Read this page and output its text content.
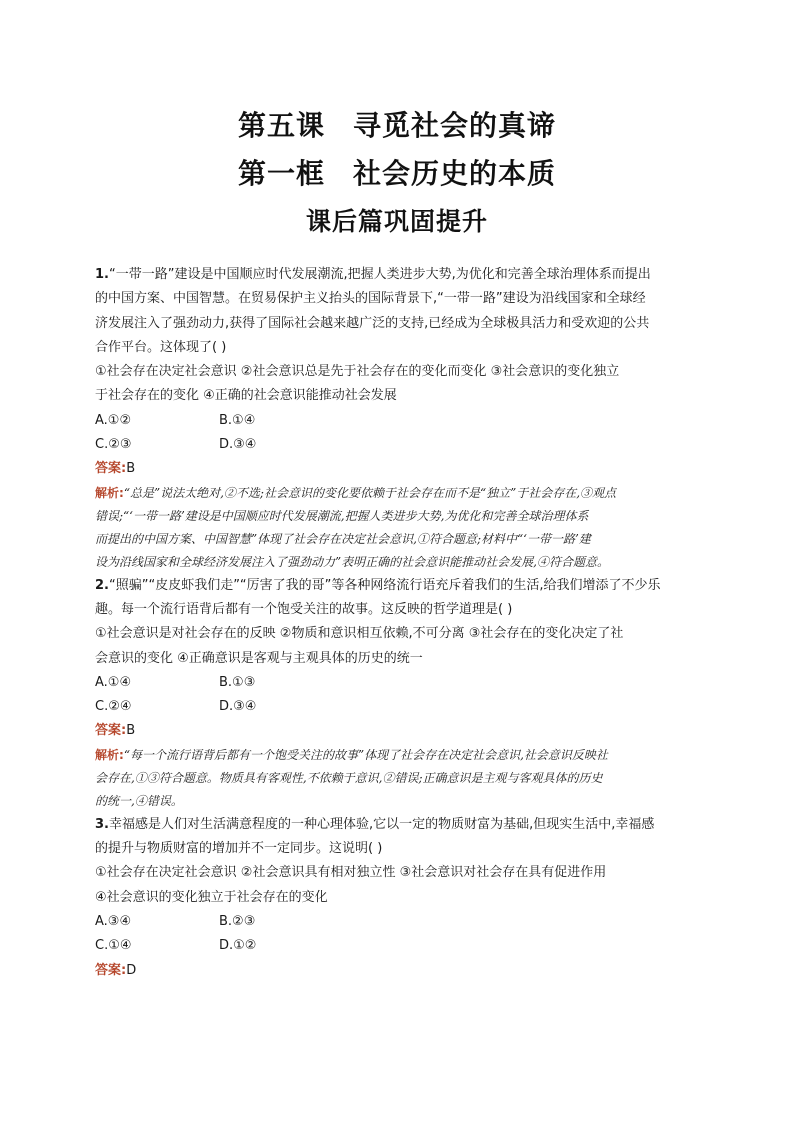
第五课 寻觅社会的真谛
第一框 社会历史的本质
课后篇巩固提升
1.“一带一路”建设是中国顺应时代发展潮流,把握人类进步大势,为优化和完善全球治理体系而提出
的中国方案、中国智慧。在贸易保护主义抬头的国际背景下,“一带一路”建设为沿线国家和全球经
济发展注入了强劲动力,获得了国际社会越来越广泛的支持,已经成为全球极具活力和受欢迎的公共
合作平台。这体现了( )
①社会存在决定社会意识 ②社会意识总是先于社会存在的变化而变化 ③社会意识的变化独立
于社会存在的变化 ④正确的社会意识能推动社会发展
A.①②	B.①④
C.②③	D.③④
答案:B
解析:“总是”说法太绝对,②不选;社会意识的变化要依赖于社会存在而不是“独立”于社会存在,③观点
错误;“‘一带一路’建设是中国顺应时代发展潮流,把握人类进步大势,为优化和完善全球治理体系
而提出的中国方案、中国智慧”体现了社会存在决定社会意识,①符合题意;材料中“‘一带一路’建
设为沿线国家和全球经济发展注入了强劲动力”表明正确的社会意识能推动社会发展,④符合题意。
2.“照骗”“皮皮虾我们走”“厉害了我的哥”等各种网络流行语充斥着我们的生活,给我们增添了不少乐
趣。每一个流行语背后都有一个饱受关注的故事。这反映的哲学道理是( )
①社会意识是对社会存在的反映 ②物质和意识相互依赖,不可分离 ③社会存在的变化决定了社
会意识的变化 ④正确意识是客观与主观具体的历史的统一
A.①④	B.①③
C.②④	D.③④
答案:B
解析:“每一个流行语背后都有一个饱受关注的故事”体现了社会存在决定社会意识,社会意识反映社
会存在,①③符合题意。物质具有客观性,不依赖于意识,②错误;正确意识是主观与客观具体的历史
的统一,④错误。
3.幸福感是人们对生活满意程度的一种心理体验,它以一定的物质财富为基础,但现实生活中,幸福感
的提升与物质财富的增加并不一定同步。这说明( )
①社会存在决定社会意识 ②社会意识具有相对独立性 ③社会意识对社会存在具有促进作用
④社会意识的变化独立于社会存在的变化
A.③④	B.②③
C.①④	D.①②
答案:D
